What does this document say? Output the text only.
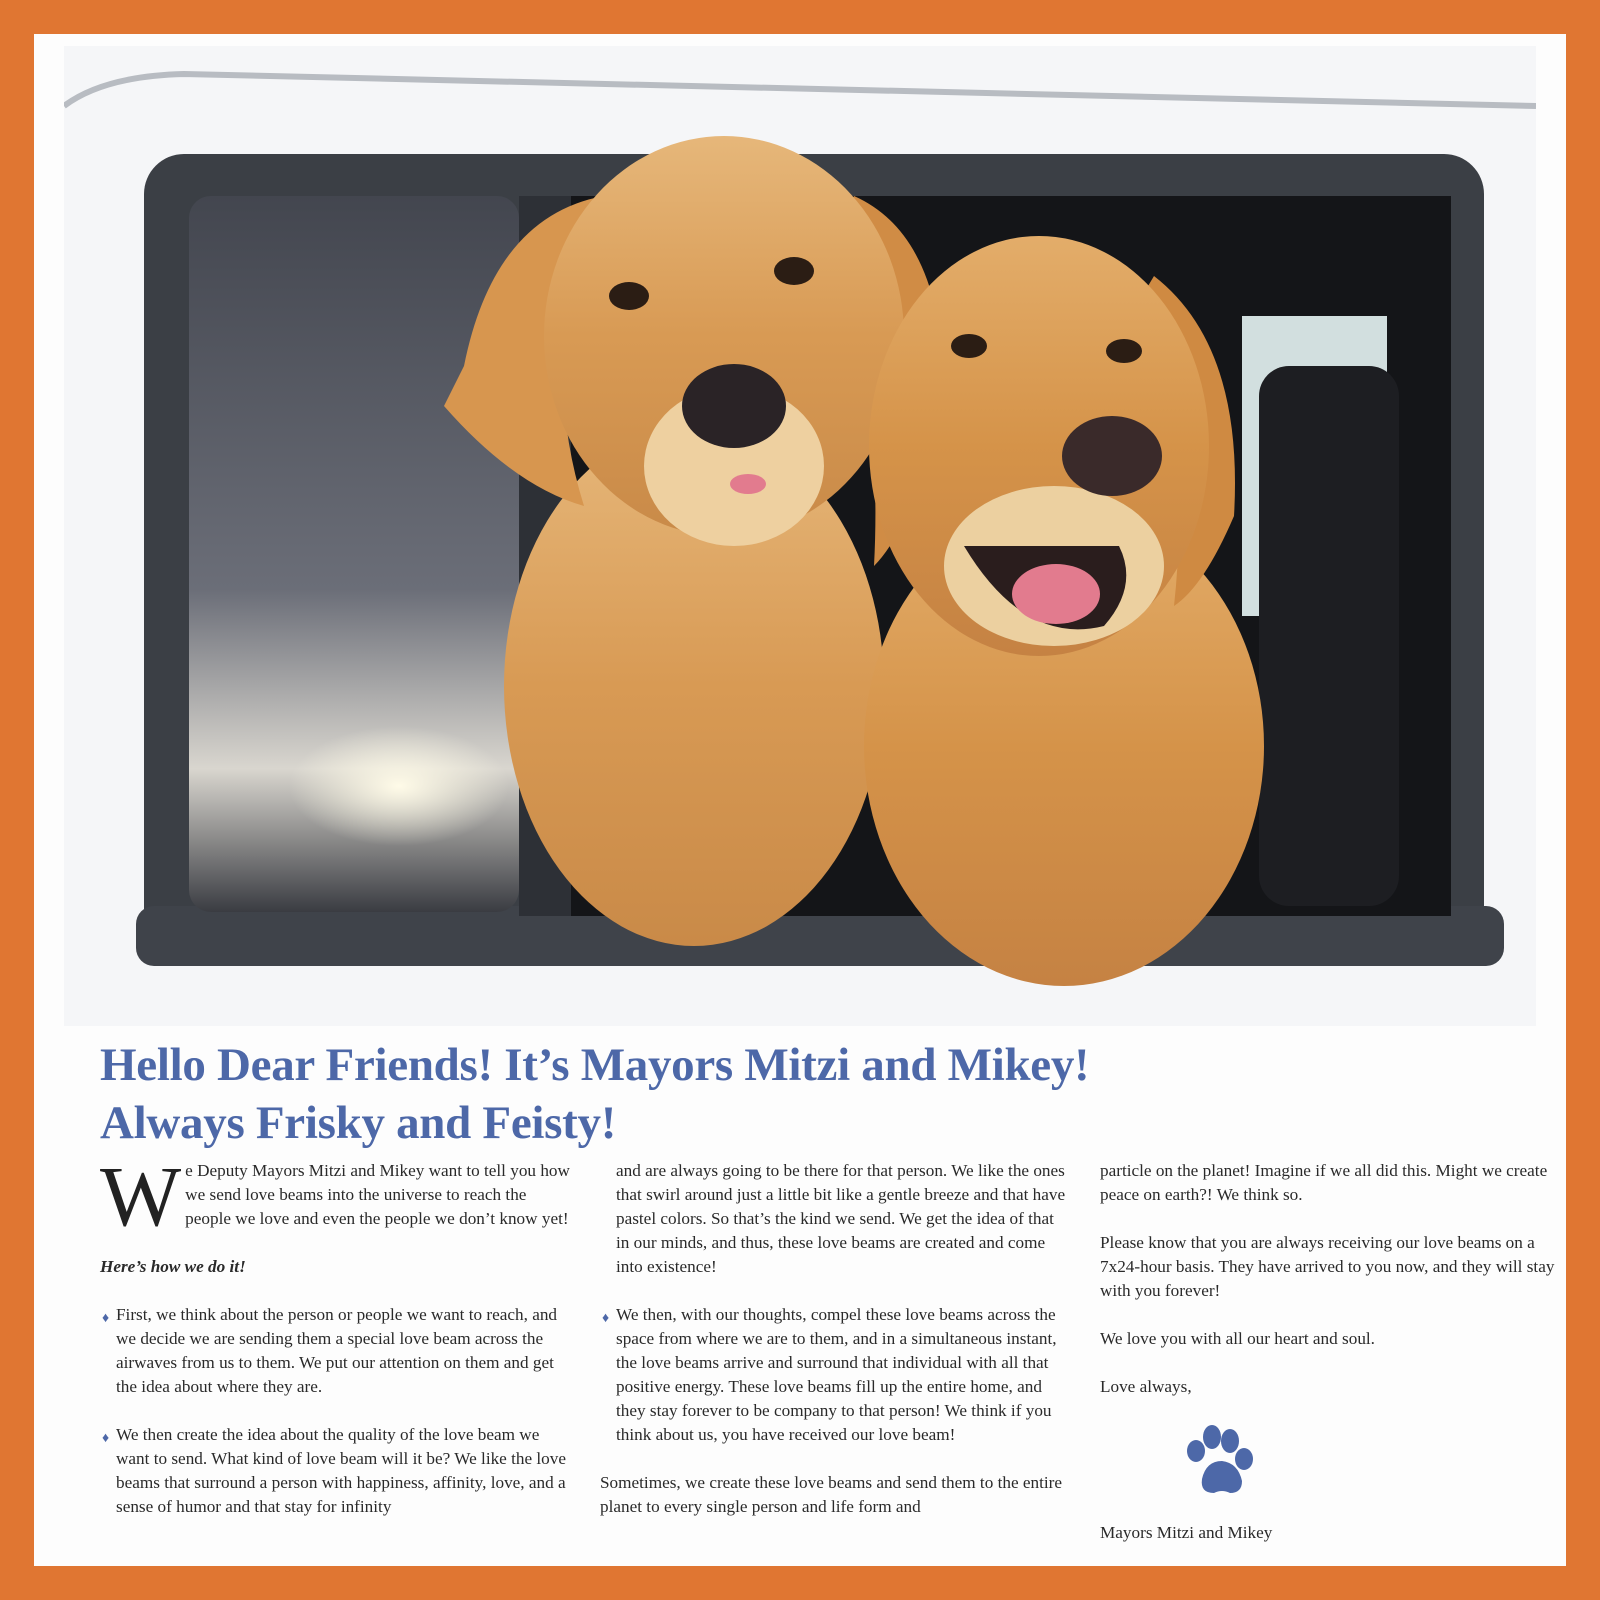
Hello Dear Friends! It’s Mayors Mitzi and Mikey!
Always Frisky and Feisty!

We Deputy Mayors Mitzi and Mikey want to tell you how we send love beams into the universe to reach the people we love and even the people we don’t know yet!

Here’s how we do it!

♦ First, we think about the person or people we want to reach, and we decide we are sending them a special love beam across the airwaves from us to them. We put our attention on them and get the idea about where they are.

♦ We then create the idea about the quality of the love beam we want to send. What kind of love beam will it be? We like the love beams that surround a person with happiness, affinity, love, and a sense of humor and that stay for infinity

and are always going to be there for that person. We like the ones that swirl around just a little bit like a gentle breeze and that have pastel colors. So that’s the kind we send. We get the idea of that in our minds, and thus, these love beams are created and come into existence!

♦ We then, with our thoughts, compel these love beams across the space from where we are to them, and in a simultaneous instant, the love beams arrive and surround that individual with all that positive energy. These love beams fill up the entire home, and they stay forever to be company to that person! We think if you think about us, you have received our love beam!

Sometimes, we create these love beams and send them to the entire planet to every single person and life form and

particle on the planet! Imagine if we all did this. Might we create peace on earth?! We think so.

Please know that you are always receiving our love beams on a 7x24-hour basis. They have arrived to you now, and they will stay with you forever!

We love you with all our heart and soul.

Love always,

Mayors Mitzi and Mikey
